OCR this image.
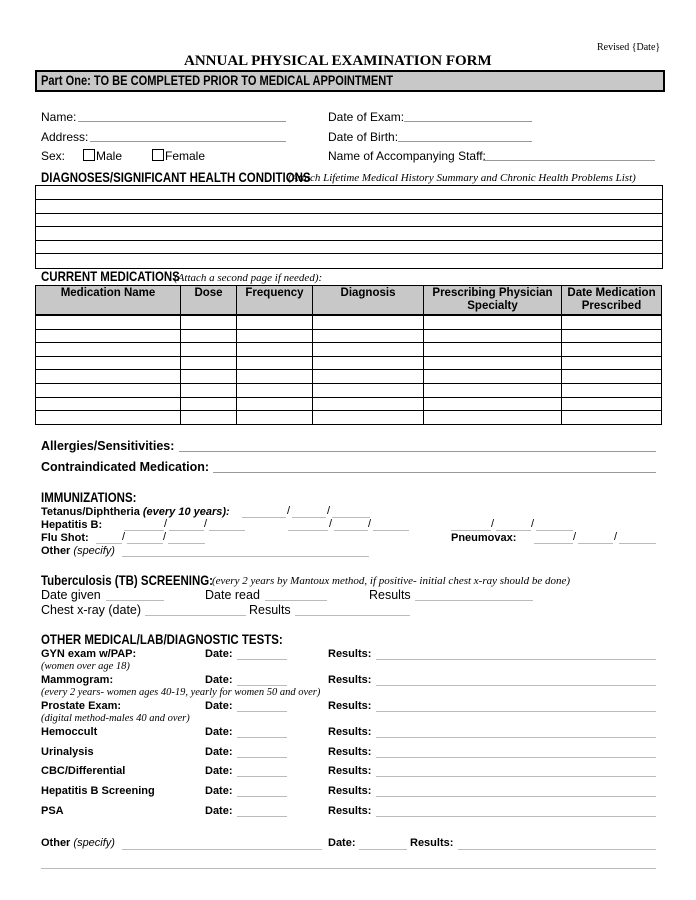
Revised {Date}
ANNUAL PHYSICAL EXAMINATION FORM
Part One: TO BE COMPLETED PRIOR TO MEDICAL APPOINTMENT
Name:	Date of Exam:
Address:	Date of Birth:
Sex:	Male	Female	Name of Accompanying Staff:
DIAGNOSES/SIGNIFICANT HEALTH CONDITIONS
(Attach Lifetime Medical History Summary and Chronic Health Problems List)
CURRENT MEDICATIONS
(Attach a second page if needed):
Medication Name	Dose	Frequency	Diagnosis	Prescribing Physician Specialty	Date Medication Prescribed

Allergies/Sensitivities:
Contraindicated Medication:
IMMUNIZATIONS:
Tetanus/Diphtheria (every 10 years):	/	/
Hepatitis B:	/	/	/	/	/	/
Flu Shot:	/	/	Pneumovax:	/	/
Other (specify)
Tuberculosis (TB) SCREENING:
(every 2 years by Mantoux method, if positive- initial chest x-ray should be done)
Date given	Date read	Results
Chest x-ray (date)	Results
OTHER MEDICAL/LAB/DIAGNOSTIC TESTS:
GYN exam w/PAP:	Date:	Results:
(women over age 18)
Mammogram:	Date:	Results:
(every 2 years- women ages 40-19, yearly for women 50 and over)
Prostate Exam:	Date:	Results:
(digital method-males 40 and over)
Hemoccult	Date:	Results:
Urinalysis	Date:	Results:
CBC/Differential	Date:	Results:
Hepatitis B Screening	Date:	Results:
PSA	Date:	Results:
Other (specify)	Date:	Results:
